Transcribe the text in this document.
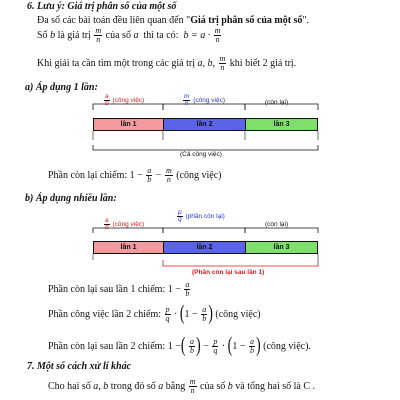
6. Lưu ý: Giá trị phân số của một số
Đa số các bài toán đều liên quan đến "Giá trị phân số của một số".
Số b là giá trị $\frac{m}{n}$ của số a thì ta có: $b = a \cdot \frac{m}{n}$
Khi giải ta cần tìm một trong các giá trị a, b, $\frac{m}{n}$ khi biết 2 giá trị.
a) Áp dụng 1 lần:
$\frac{a}{b}$ (công việc)	$\frac{m}{n}$ (công việc)	(còn lại)
lần 1	lần 2	lần 3
(Cả công việc)
Phần còn lại chiếm: $1 - \frac{a}{b} - \frac{m}{n}$ (công việc)
b) Áp dụng nhiều lần:
$\frac{a}{b}$ (công việc)
$\frac{p}{q}$ (phần còn lại)
(còn lại)
lần 1	lần 2	lần 3
(Phần còn lại sau lần 1)
Phần còn lại sau lần 1 chiếm: $1 - \frac{a}{b}$
Phần công việc lần 2 chiếm: $\frac{p}{q} \cdot (1 - \frac{a}{b}$ ) (công việc)
Phần còn lại sau lần 2 chiếm: 1 −( $\frac{a}{b}$ ) − $\frac{p}{q} \cdot (1 - \frac{a}{b}$ ) (công việc).
7. Một số cách xử lí khác
Cho hai số a, b trong đó số a bằng $\frac{m}{n}$ của số b và tổng hai số là C .
